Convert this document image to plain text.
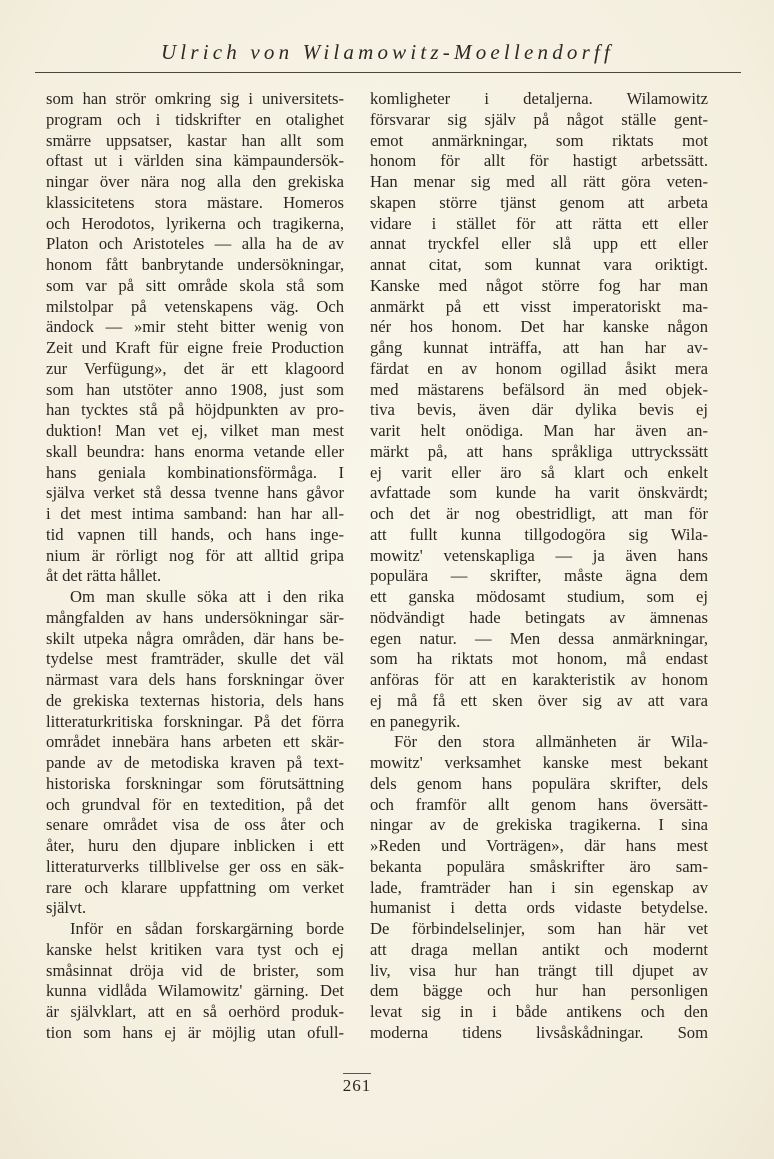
Ulrich von Wilamowitz-Moellendorff
som han strör omkring sig i universitets-
program och i tidskrifter en otalighet
smärre uppsatser, kastar han allt som
oftast ut i världen sina kämpaundersök-
ningar över nära nog alla den grekiska
klassicitetens stora mästare. Homeros
och Herodotos, lyrikerna och tragikerna,
Platon och Aristoteles — alla ha de av
honom fått banbrytande undersökningar,
som var på sitt område skola stå som
milstolpar på vetenskapens väg. Och
ändock — »mir steht bitter wenig von
Zeit und Kraft für eigne freie Production
zur Verfügung», det är ett klagoord
som han utstöter anno 1908, just som
han tycktes stå på höjdpunkten av pro-
duktion! Man vet ej, vilket man mest
skall beundra: hans enorma vetande eller
hans geniala kombinationsförmåga. I
själva verket stå dessa tvenne hans gåvor
i det mest intima samband: han har all-
tid vapnen till hands, och hans inge-
nium är rörligt nog för att alltid gripa
åt det rätta hållet.
Om man skulle söka att i den rika
mångfalden av hans undersökningar sär-
skilt utpeka några områden, där hans be-
tydelse mest framträder, skulle det väl
närmast vara dels hans forskningar över
de grekiska texternas historia, dels hans
litteraturkritiska forskningar. På det förra
området innebära hans arbeten ett skär-
pande av de metodiska kraven på text-
historiska forskningar som förutsättning
och grundval för en textedition, på det
senare området visa de oss åter och
åter, huru den djupare inblicken i ett
litteraturverks tillblivelse ger oss en säk-
rare och klarare uppfattning om verket
självt.
Inför en sådan forskargärning borde
kanske helst kritiken vara tyst och ej
småsinnat dröja vid de brister, som
kunna vidlåda Wilamowitz' gärning. Det
är självklart, att en så oerhörd produk-
tion som hans ej är möjlig utan ofull-
komligheter i detaljerna. Wilamowitz
försvarar sig själv på något ställe gent-
emot anmärkningar, som riktats mot
honom för allt för hastigt arbetssätt.
Han menar sig med all rätt göra veten-
skapen större tjänst genom att arbeta
vidare i stället för att rätta ett eller
annat tryckfel eller slå upp ett eller
annat citat, som kunnat vara oriktigt.
Kanske med något större fog har man
anmärkt på ett visst imperatoriskt ma-
nér hos honom. Det har kanske någon
gång kunnat inträffa, att han har av-
färdat en av honom ogillad åsikt mera
med mästarens befälsord än med objek-
tiva bevis, även där dylika bevis ej
varit helt onödiga. Man har även an-
märkt på, att hans språkliga uttryckssätt
ej varit eller äro så klart och enkelt
avfattade som kunde ha varit önskvärdt;
och det är nog obestridligt, att man för
att fullt kunna tillgodogöra sig Wila-
mowitz' vetenskapliga — ja även hans
populära — skrifter, måste ägna dem
ett ganska mödosamt studium, som ej
nödvändigt hade betingats av ämnenas
egen natur. — Men dessa anmärkningar,
som ha riktats mot honom, må endast
anföras för att en karakteristik av honom
ej må få ett sken över sig av att vara
en panegyrik.
För den stora allmänheten är Wila-
mowitz' verksamhet kanske mest bekant
dels genom hans populära skrifter, dels
och framför allt genom hans översätt-
ningar av de grekiska tragikerna. I sina
»Reden und Vorträgen», där hans mest
bekanta populära småskrifter äro sam-
lade, framträder han i sin egenskap av
humanist i detta ords vidaste betydelse.
De förbindelselinjer, som han här vet
att draga mellan antikt och modernt
liv, visa hur han trängt till djupet av
dem bägge och hur han personligen
levat sig in i både antikens och den
moderna tidens livsåskådningar. Som
261
